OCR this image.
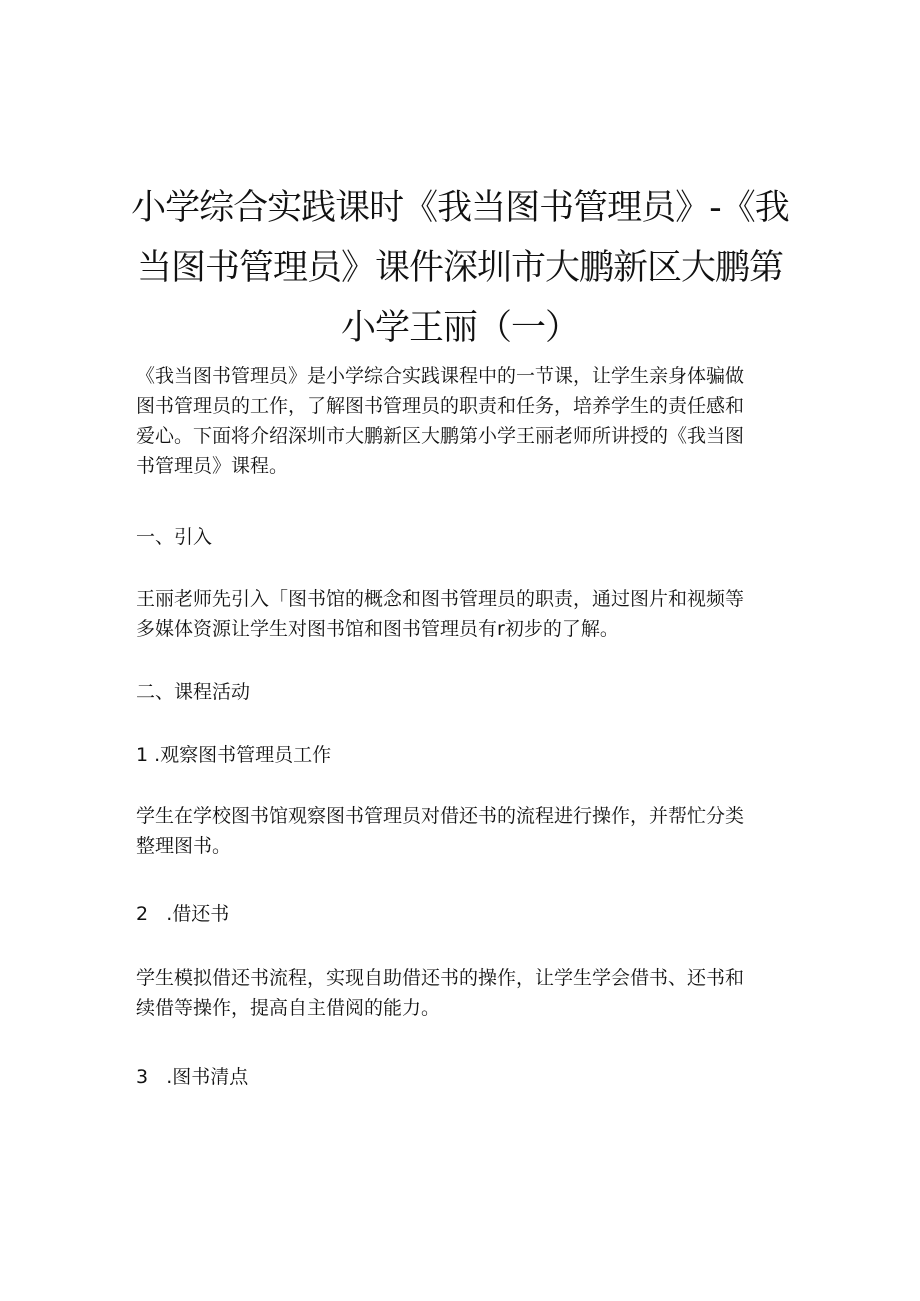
小学综合实践课时《我当图书管理员》-《我
当图书管理员》课件深圳市大鹏新区大鹏第
小学王丽（一）

《我当图书管理员》是小学综合实践课程中的一节课，让学生亲身体骗做
图书管理员的工作，了解图书管理员的职责和任务，培养学生的责任感和
爱心。下面将介绍深圳市大鹏新区大鹏第小学王丽老师所讲授的《我当图
书管理员》课程。

一、引入

王丽老师先引入「图书馆的概念和图书管理员的职责，通过图片和视频等
多媒体资源让学生对图书馆和图书管理员有r初步的了解。

二、课程活动

1 .观察图书管理员工作

学生在学校图书馆观察图书管理员对借还书的流程进行操作，并帮忙分类
整理图书。

2   .借还书

学生模拟借还书流程，实现自助借还书的操作，让学生学会借书、还书和
续借等操作，提高自主借阅的能力。

3   .图书清点
